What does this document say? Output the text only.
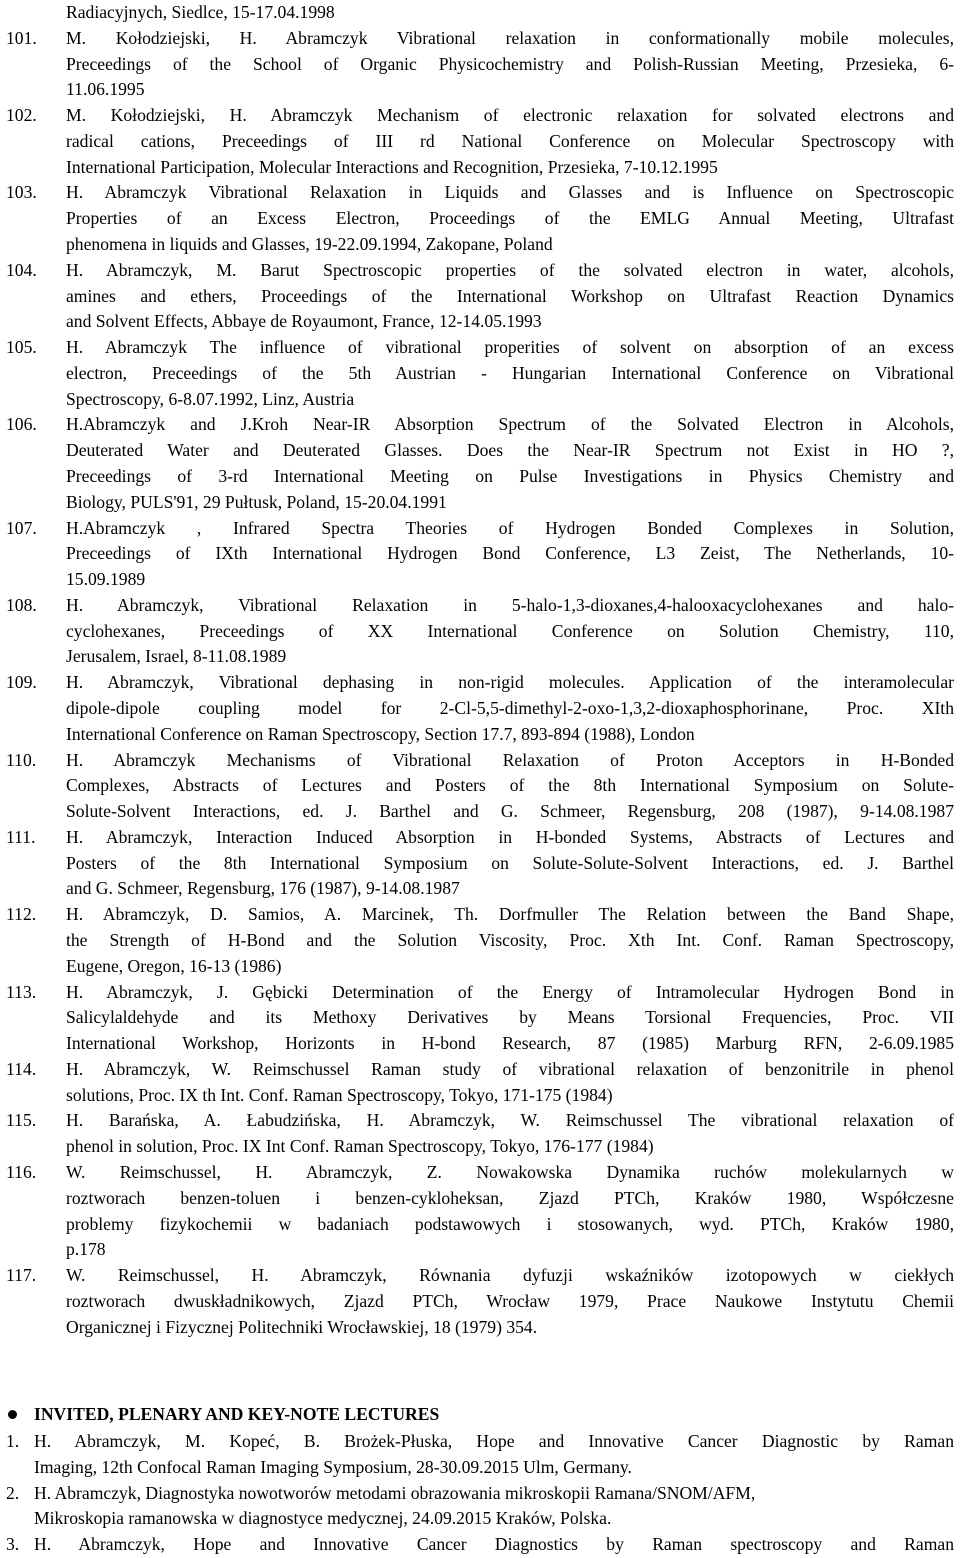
Radiacyjnych, Siedlce, 15-17.04.1998
101.	M. Kołodziejski, H. Abramczyk Vibrational relaxation in conformationally mobile molecules,
Preceedings of the School of Organic Physicochemistry and Polish-Russian Meeting, Przesieka, 6-
11.06.1995
102.	M. Kołodziejski, H. Abramczyk Mechanism of electronic relaxation for solvated electrons and
radical cations, Preceedings of III rd National Conference on Molecular Spectroscopy with
International Participation, Molecular Interactions and Recognition, Przesieka, 7-10.12.1995
103.	H. Abramczyk Vibrational Relaxation in Liquids and Glasses and is Influence on Spectroscopic
Properties of an Excess Electron, Proceedings of the EMLG Annual Meeting, Ultrafast
phenomena in liquids and Glasses, 19-22.09.1994, Zakopane, Poland
104.	H. Abramczyk, M. Barut Spectroscopic properties of the solvated electron in water, alcohols,
amines and ethers, Proceedings of the International Workshop on Ultrafast Reaction Dynamics
and Solvent Effects, Abbaye de Royaumont, France, 12-14.05.1993
105.	H. Abramczyk The influence of vibrational properities of solvent on absorption of an excess
electron, Preceedings of the 5th Austrian - Hungarian International Conference on Vibrational
Spectroscopy, 6-8.07.1992, Linz, Austria
106.	H.Abramczyk and J.Kroh Near-IR Absorption Spectrum of the Solvated Electron in Alcohols,
Deuterated Water and Deuterated Glasses. Does the Near-IR Spectrum not Exist in HO ?,
Preceedings of 3-rd International Meeting on Pulse Investigations in Physics Chemistry and
Biology, PULS'91, 29 Pułtusk, Poland, 15-20.04.1991
107.	H.Abramczyk , Infrared Spectra Theories of Hydrogen Bonded Complexes in Solution,
Preceedings of IXth International Hydrogen Bond Conference, L3 Zeist, The Netherlands, 10-
15.09.1989
108.	H. Abramczyk, Vibrational Relaxation in 5-halo-1,3-dioxanes,4-halooxacyclohexanes and halo-
cyclohexanes, Preceedings of XX International Conference on Solution Chemistry, 110,
Jerusalem, Israel, 8-11.08.1989
109.	H. Abramczyk, Vibrational dephasing in non-rigid molecules. Application of the interamolecular
dipole-dipole coupling model for 2-Cl-5,5-dimethyl-2-oxo-1,3,2-dioxaphosphorinane, Proc. XIth
International Conference on Raman Spectroscopy, Section 17.7, 893-894 (1988), London
110.	H. Abramczyk Mechanisms of Vibrational Relaxation of Proton Acceptors in H-Bonded
Complexes, Abstracts of Lectures and Posters of the 8th International Symposium on Solute-
Solute-Solvent Interactions, ed. J. Barthel and G. Schmeer, Regensburg, 208 (1987), 9-14.08.1987
111.	H. Abramczyk, Interaction Induced Absorption in H-bonded Systems, Abstracts of Lectures and
Posters of the 8th International Symposium on Solute-Solute-Solvent Interactions, ed. J. Barthel
and G. Schmeer, Regensburg, 176 (1987), 9-14.08.1987
112.	H. Abramczyk, D. Samios, A. Marcinek, Th. Dorfmuller The Relation between the Band Shape,
the Strength of H-Bond and the Solution Viscosity, Proc. Xth Int. Conf. Raman Spectroscopy,
Eugene, Oregon, 16-13 (1986)
113.	H. Abramczyk, J. Gębicki Determination of the Energy of Intramolecular Hydrogen Bond in
Salicylaldehyde and its Methoxy Derivatives by Means Torsional Frequencies, Proc. VII
International Workshop, Horizonts in H-bond Research, 87 (1985) Marburg RFN, 2-6.09.1985
114.	H. Abramczyk, W. Reimschussel Raman study of vibrational relaxation of benzonitrile in phenol
solutions, Proc. IX th Int. Conf. Raman Spectroscopy, Tokyo, 171-175 (1984)
115.	H. Barańska, A. Łabudzińska, H. Abramczyk, W. Reimschussel The vibrational relaxation of
phenol in solution, Proc. IX Int Conf. Raman Spectroscopy, Tokyo, 176-177 (1984)
116.	W. Reimschussel, H. Abramczyk, Z. Nowakowska Dynamika ruchów molekularnych w
roztworach benzen-toluen i benzen-cykloheksan, Zjazd PTCh, Kraków 1980, Współczesne
problemy fizykochemii w badaniach podstawowych i stosowanych, wyd. PTCh, Kraków 1980,
p.178
117.	W. Reimschussel, H. Abramczyk, Równania dyfuzji wskaźników izotopowych w ciekłych
roztworach dwuskładnikowych, Zjazd PTCh, Wrocław 1979, Prace Naukowe Instytutu Chemii
Organicznej i Fizycznej Politechniki Wrocławskiej, 18 (1979) 354.
INVITED, PLENARY AND KEY-NOTE LECTURES
1. H. Abramczyk, M. Kopeć, B. Brożek-Płuska, Hope and Innovative Cancer Diagnostic by Raman
Imaging, 12th Confocal Raman Imaging Symposium, 28-30.09.2015 Ulm, Germany.
2. H. Abramczyk, Diagnostyka nowotworów metodami obrazowania mikroskopii Ramana/SNOM/AFM,
Mikroskopia ramanowska w diagnostyce medycznej, 24.09.2015 Kraków, Polska.
3. H. Abramczyk, Hope and Innovative Cancer Diagnostics by Raman spectroscopy and Raman
